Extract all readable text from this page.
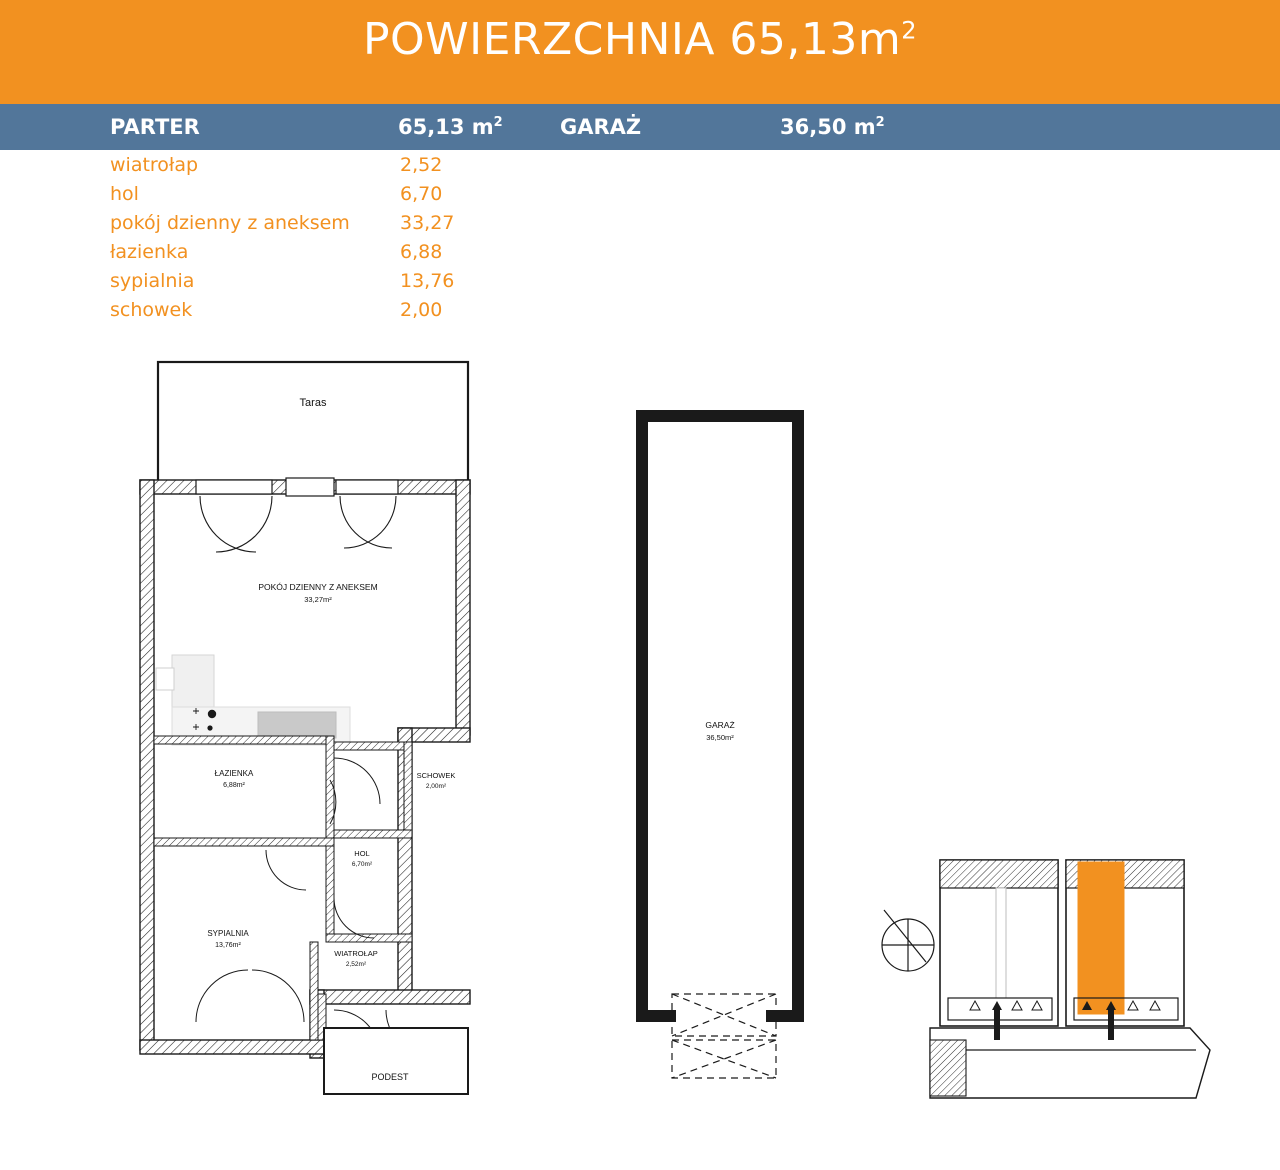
POWIERZCHNIA $65,13m^2$
PARTER	65,13 $m^2$	GARAŻ	36,50 $m^2$
wiatrołap	2,52
hol	6,70
pokój dzienny z aneksem	33,27
łazienka	6,88
sypialnia	13,76
schowek	2,00
Taras
POKÓJ DZIENNY Z ANEKSEM
33,27m²
ŁAZIENKA
6,88m²
SCHOWEK
2,00m²
HOL
6,70m²
SYPIALNIA
13,76m²
WIATROŁAP
2,52m²
PODEST
GARAŻ
36,50m²
